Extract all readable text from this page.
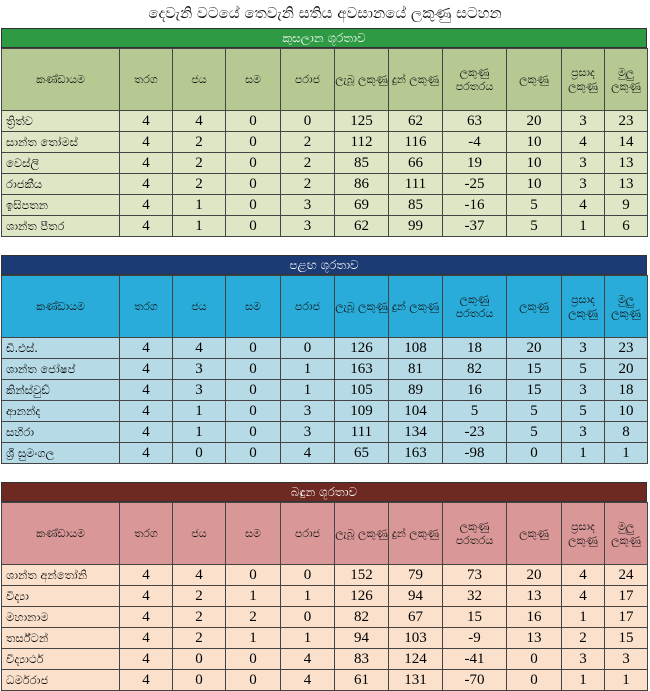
දෙවැනි වටයේ තෙවැනි සතිය අවසානයේ ලකුණු සටහන
කුසලාන ශූරතාව
කණ්ඩායම	තරග	ජය	සම	පරාජ	ලැබූ ලකුණු	දුන් ලකුණු	ලකුණු පරතරය	ලකුණු	ප්‍රසාද ලකුණු	මුලු ලකුණු
ත්‍රිත්ව	4	4	0	0	125	62	63	20	3	23
සාන්ත තෝමස්	4	2	0	2	112	116	-4	10	4	14
වෙස්ලි	4	2	0	2	85	66	19	10	3	13
රාජකීය	4	2	0	2	86	111	-25	10	3	13
ඉසිපතන	4	1	0	3	69	85	-16	5	4	9
ශාන්ත පීතර	4	1	0	3	62	99	-37	5	1	6
පළඟ ශූරතාව
කණ්ඩායම	තරග	ජය	සම	පරාජ	ලැබූ ලකුණු	දුන් ලකුණු	ලකුණු පරතරය	ලකුණු	ප්‍රසාද ලකුණු	මුලු ලකුණු
ඩී.එස්.	4	4	0	0	126	108	18	20	3	23
ශාන්ත ජෝෂප්	4	3	0	1	163	81	82	15	5	20
කින්ස්වුඩ්	4	3	0	1	105	89	16	15	3	18
ආනන්ද	4	1	0	3	109	104	5	5	5	10
සහිරා	4	1	0	3	111	134	-23	5	3	8
ශ්‍රී සුමංගල	4	0	0	4	65	163	-98	0	1	1
බඳුන ශූරතාව
කණ්ඩායම	තරග	ජය	සම	පරාජ	ලැබූ ලකුණු	දුන් ලකුණු	ලකුණු පරතරය	ලකුණු	ප්‍රසාද ලකුණු	මුලු ලකුණු
ශාන්ත අන්තෝනි	4	4	0	0	152	79	73	20	4	24
විද්‍යා	4	2	1	1	126	94	32	13	4	17
මහානාම	4	2	2	0	82	67	15	16	1	17
තර්ස්ටන්	4	2	1	1	94	103	-9	13	2	15
විද්‍යාර්ථ	4	0	0	4	83	124	-41	0	3	3
ධර්මරාජ	4	0	0	4	61	131	-70	0	1	1
